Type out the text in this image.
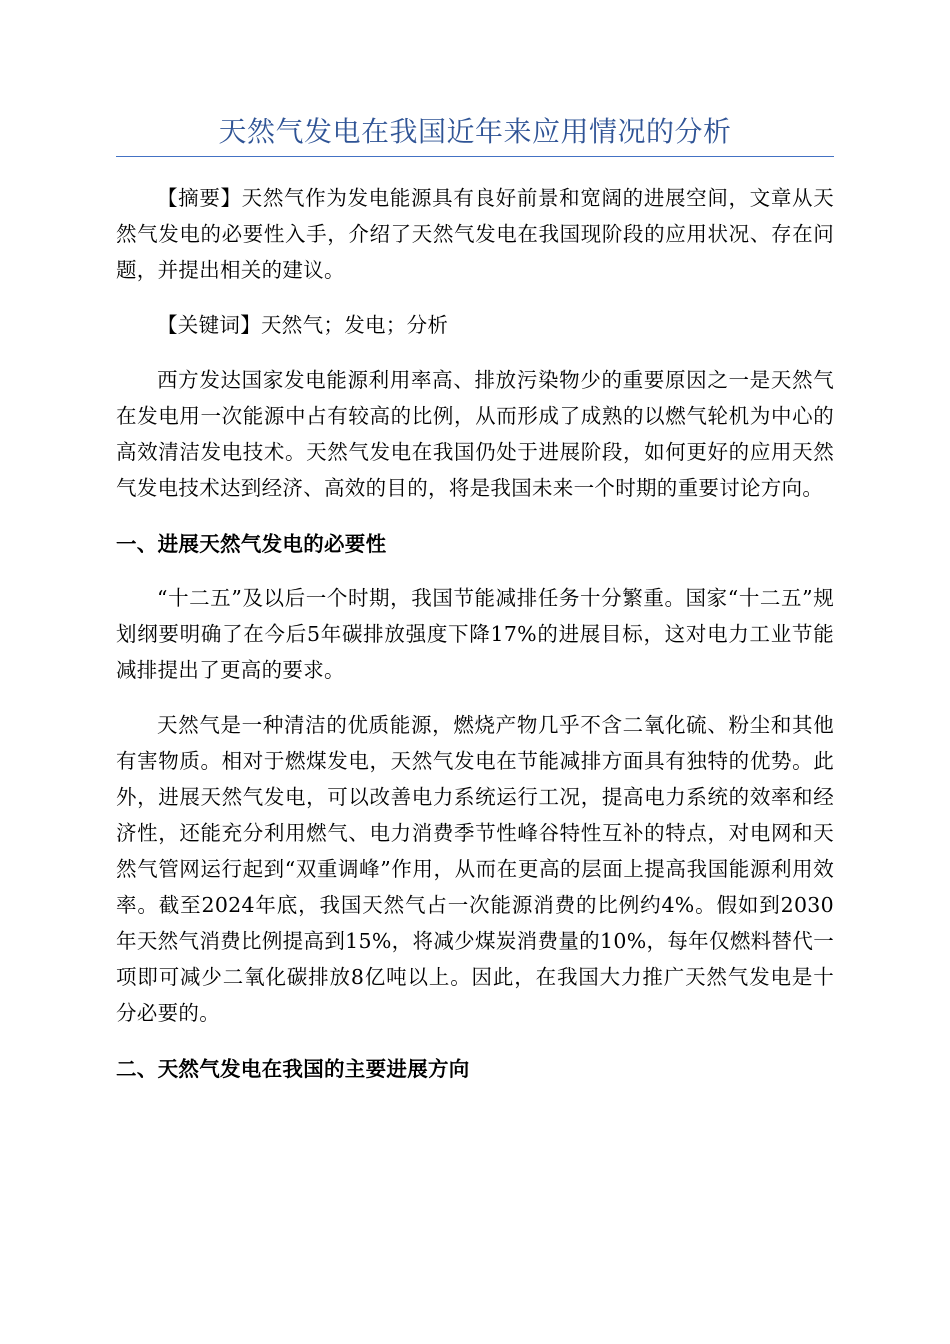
天然气发电在我国近年来应用情况的分析

【摘要】天然气作为发电能源具有良好前景和宽阔的进展空间，文章从天然气发电的必要性入手，介绍了天然气发电在我国现阶段的应用状况、存在问题，并提出相关的建议。

【关键词】天然气；发电；分析

西方发达国家发电能源利用率高、排放污染物少的重要原因之一是天然气在发电用一次能源中占有较高的比例，从而形成了成熟的以燃气轮机为中心的高效清洁发电技术。天然气发电在我国仍处于进展阶段，如何更好的应用天然气发电技术达到经济、高效的目的，将是我国未来一个时期的重要讨论方向。

一、进展天然气发电的必要性

“十二五”及以后一个时期，我国节能减排任务十分繁重。国家“十二五”规划纲要明确了在今后5年碳排放强度下降17%的进展目标，这对电力工业节能减排提出了更高的要求。

天然气是一种清洁的优质能源，燃烧产物几乎不含二氧化硫、粉尘和其他有害物质。相对于燃煤发电，天然气发电在节能减排方面具有独特的优势。此外，进展天然气发电，可以改善电力系统运行工况，提高电力系统的效率和经济性，还能充分利用燃气、电力消费季节性峰谷特性互补的特点，对电网和天然气管网运行起到“双重调峰”作用，从而在更高的层面上提高我国能源利用效率。截至2024年底，我国天然气占一次能源消费的比例约4%。假如到2030年天然气消费比例提高到15%，将减少煤炭消费量的10%，每年仅燃料替代一项即可减少二氧化碳排放8亿吨以上。因此，在我国大力推广天然气发电是十分必要的。

二、天然气发电在我国的主要进展方向
